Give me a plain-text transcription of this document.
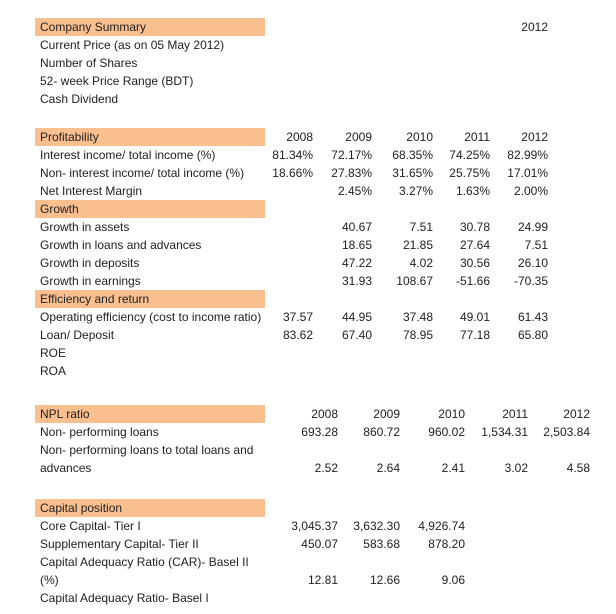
Company Summary					2012
Current Price (as on 05 May 2012)					
Number of Shares					
52- week Price Range (BDT)					
Cash Dividend					
Profitability	2008	2009	2010	2011	2012
Interest income/ total income (%)	81.34%	72.17%	68.35%	74.25%	82.99%
Non- interest income/ total income (%)	18.66%	27.83%	31.65%	25.75%	17.01%
Net Interest Margin		2.45%	3.27%	1.63%	2.00%
Growth					
Growth in assets		40.67	7.51	30.78	24.99
Growth in loans and advances		18.65	21.85	27.64	7.51
Growth in deposits		47.22	4.02	30.56	26.10
Growth in earnings		31.93	108.67	-51.66	-70.35
Efficiency and return					
Operating efficiency (cost to income ratio)	37.57	44.95	37.48	49.01	61.43
Loan/ Deposit	83.62	67.40	78.95	77.18	65.80
ROE					
ROA					
NPL ratio	2008	2009	2010	2011	2012
Non- performing loans	693.28	860.72	960.02	1,534.31	2,503.84
Non- performing loans to total loans and advances	2.52	2.64	2.41	3.02	4.58
Capital position					
Core Capital- Tier I	3,045.37	3,632.30	4,926.74		
Supplementary Capital- Tier II	450.07	583.68	878.20		
Capital Adequacy Ratio (CAR)- Basel II (%)	12.81	12.66	9.06		
Capital Adequacy Ratio- Basel I					
